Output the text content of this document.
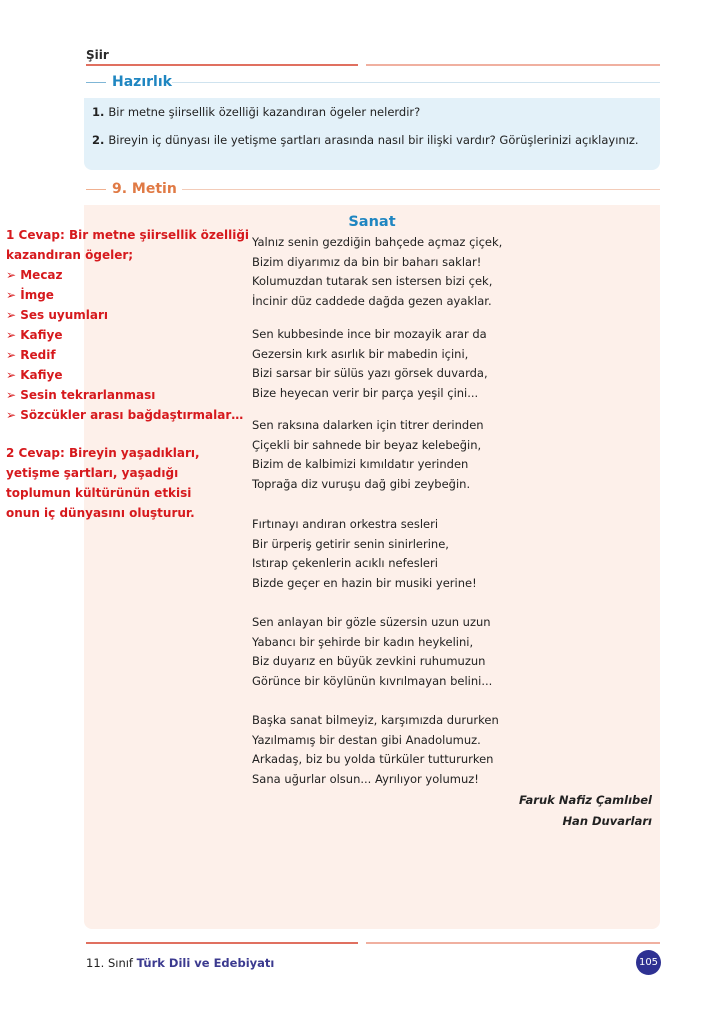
Şiir
Hazırlık
1. Bir metne şiirsellik özelliği kazandıran ögeler nelerdir?
2. Bireyin iç dünyası ile yetişme şartları arasında nasıl bir ilişki vardır? Görüşlerinizi açıklayınız.
9. Metin
1 Cevap: Bir metne şiirsellik özelliği
kazandıran ögeler;
➢ Mecaz
➢ İmge
➢ Ses uyumları
➢ Kafiye
➢ Redif
➢ Kafiye
➢ Sesin tekrarlanması
➢ Sözcükler arası bağdaştırmalar…
2 Cevap: Bireyin yaşadıkları,
yetişme şartları, yaşadığı
toplumun kültürünün etkisi
onun iç dünyasını oluşturur.
Sanat
Yalnız senin gezdiğin bahçede açmaz çiçek,
Bizim diyarımız da bin bir baharı saklar!
Kolumuzdan tutarak sen istersen bizi çek,
İncinir düz caddede dağda gezen ayaklar.
Sen kubbesinde ince bir mozayik arar da
Gezersin kırk asırlık bir mabedin içini,
Bizi sarsar bir sülüs yazı görsek duvarda,
Bize heyecan verir bir parça yeşil çini...
Sen raksına dalarken için titrer derinden
Çiçekli bir sahnede bir beyaz kelebeğin,
Bizim de kalbimizi kımıldatır yerinden
Toprağa diz vuruşu dağ gibi zeybeğin.
Fırtınayı andıran orkestra sesleri
Bir ürperiş getirir senin sinirlerine,
Istırap çekenlerin acıklı nefesleri
Bizde geçer en hazin bir musiki yerine!
Sen anlayan bir gözle süzersin uzun uzun
Yabancı bir şehirde bir kadın heykelini,
Biz duyarız en büyük zevkini ruhumuzun
Görünce bir köylünün kıvrılmayan belini...
Başka sanat bilmeyiz, karşımızda dururken
Yazılmamış bir destan gibi Anadolumuz.
Arkadaş, biz bu yolda türküler tuttururken
Sana uğurlar olsun... Ayrılıyor yolumuz!
Faruk Nafiz Çamlıbel
Han Duvarları
11. Sınıf Türk Dili ve Edebiyatı	105
